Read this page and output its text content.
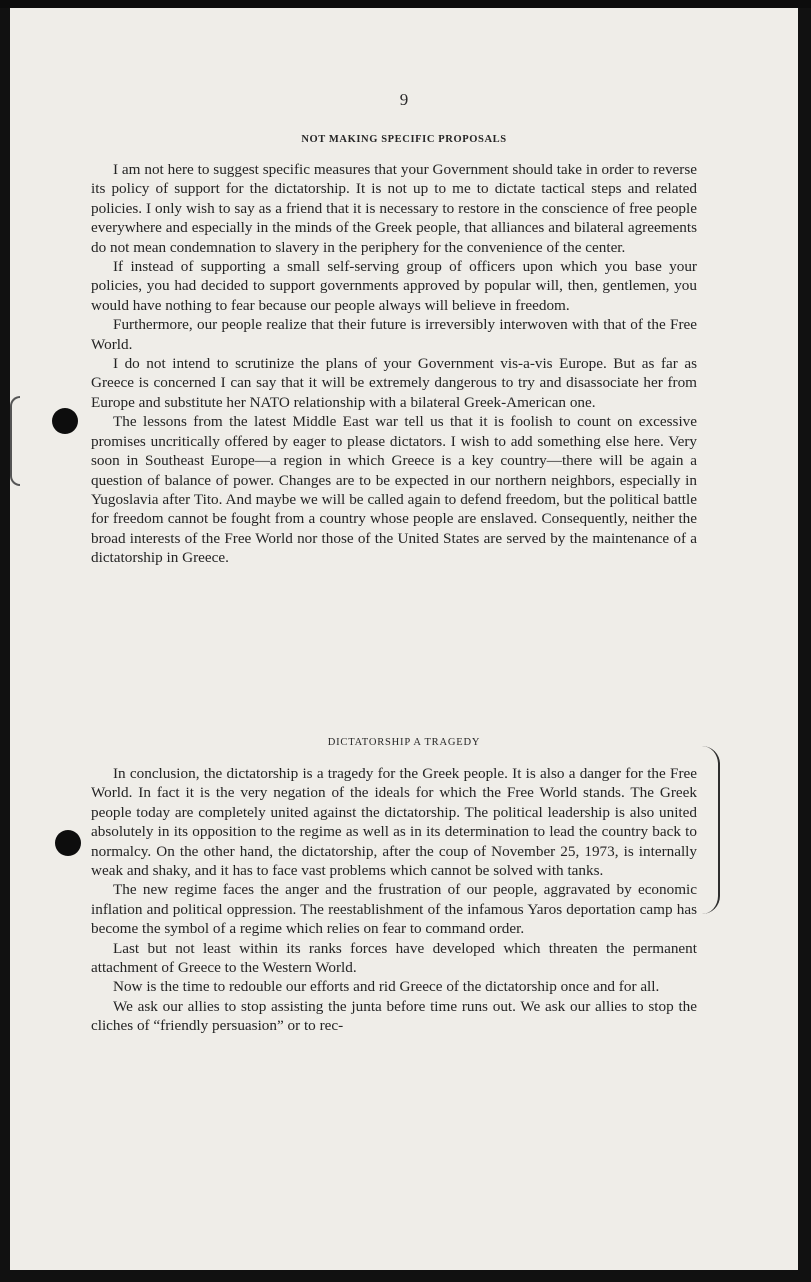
9
NOT MAKING SPECIFIC PROPOSALS

I am not here to suggest specific measures that your Government should take in order to reverse its policy of support for the dictatorship. It is not up to me to dictate tactical steps and related policies. I only wish to say as a friend that it is necessary to restore in the conscience of free people everywhere and especially in the minds of the Greek people, that alliances and bilateral agreements do not mean condemnation to slavery in the periphery for the convenience of the center.

If instead of supporting a small self-serving group of officers upon which you base your policies, you had decided to support governments approved by popular will, then, gentlemen, you would have nothing to fear because our people always will believe in freedom.

Furthermore, our people realize that their future is irreversibly interwoven with that of the Free World.

I do not intend to scrutinize the plans of your Government vis-a-vis Europe. But as far as Greece is concerned I can say that it will be extremely dangerous to try and disassociate her from Europe and substitute her NATO relationship with a bilateral Greek-American one.

The lessons from the latest Middle East war tell us that it is foolish to count on excessive promises uncritically offered by eager to please dictators. I wish to add something else here. Very soon in Southeast Europe—a region in which Greece is a key country—there will be again a question of balance of power. Changes are to be expected in our northern neighbors, especially in Yugoslavia after Tito. And maybe we will be called again to defend freedom, but the political battle for freedom cannot be fought from a country whose people are enslaved. Consequently, neither the broad interests of the Free World nor those of the United States are served by the maintenance of a dictatorship in Greece.

DICTATORSHIP A TRAGEDY

In conclusion, the dictatorship is a tragedy for the Greek people. It is also a danger for the Free World. In fact it is the very negation of the ideals for which the Free World stands. The Greek people today are completely united against the dictatorship. The political leadership is also united absolutely in its opposition to the regime as well as in its determination to lead the country back to normalcy. On the other hand, the dictatorship, after the coup of November 25, 1973, is internally weak and shaky, and it has to face vast problems which cannot be solved with tanks.

The new regime faces the anger and the frustration of our people, aggravated by economic inflation and political oppression. The reestablishment of the infamous Yaros deportation camp has become the symbol of a regime which relies on fear to command order.

Last but not least within its ranks forces have developed which threaten the permanent attachment of Greece to the Western World.

Now is the time to redouble our efforts and rid Greece of the dictatorship once and for all.

We ask our allies to stop assisting the junta before time runs out. We ask our allies to stop the cliches of “friendly persuasion” or to rec-
